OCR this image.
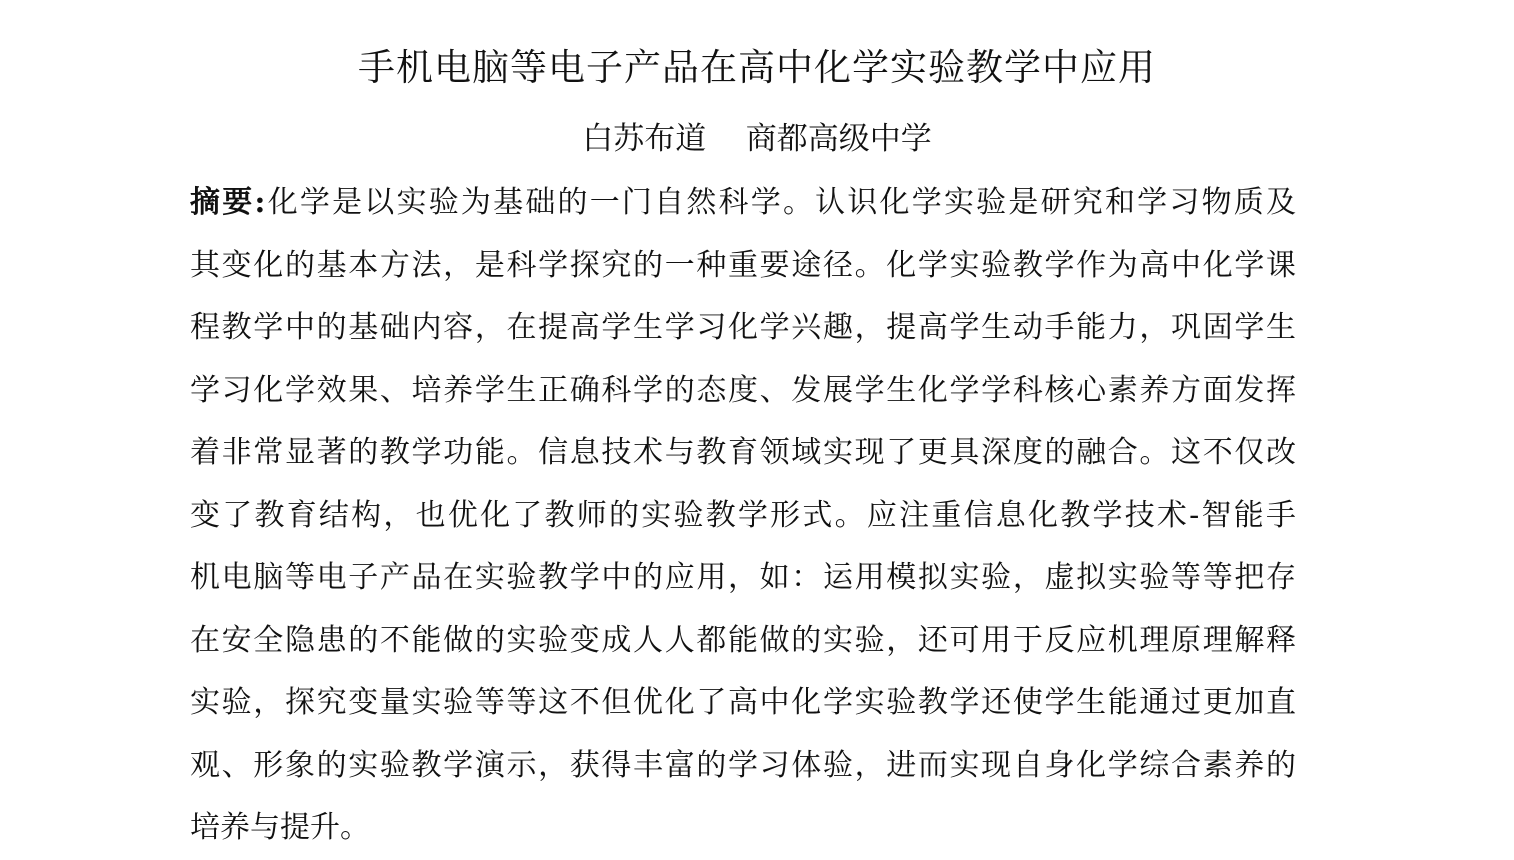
手机电脑等电子产品在高中化学实验教学中应用
白苏布道    商都高级中学
摘要:化学是以实验为基础的一门自然科学。认识化学实验是研究和学习物质及
其变化的基本方法，是科学探究的一种重要途径。化学实验教学作为高中化学课
程教学中的基础内容，在提高学生学习化学兴趣，提高学生动手能力，巩固学生
学习化学效果、培养学生正确科学的态度、发展学生化学学科核心素养方面发挥
着非常显著的教学功能。信息技术与教育领域实现了更具深度的融合。这不仅改
变了教育结构，也优化了教师的实验教学形式。应注重信息化教学技术-智能手
机电脑等电子产品在实验教学中的应用，如：运用模拟实验，虚拟实验等等把存
在安全隐患的不能做的实验变成人人都能做的实验，还可用于反应机理原理解释
实验，探究变量实验等等这不但优化了高中化学实验教学还使学生能通过更加直
观、形象的实验教学演示，获得丰富的学习体验，进而实现自身化学综合素养的
培养与提升。
